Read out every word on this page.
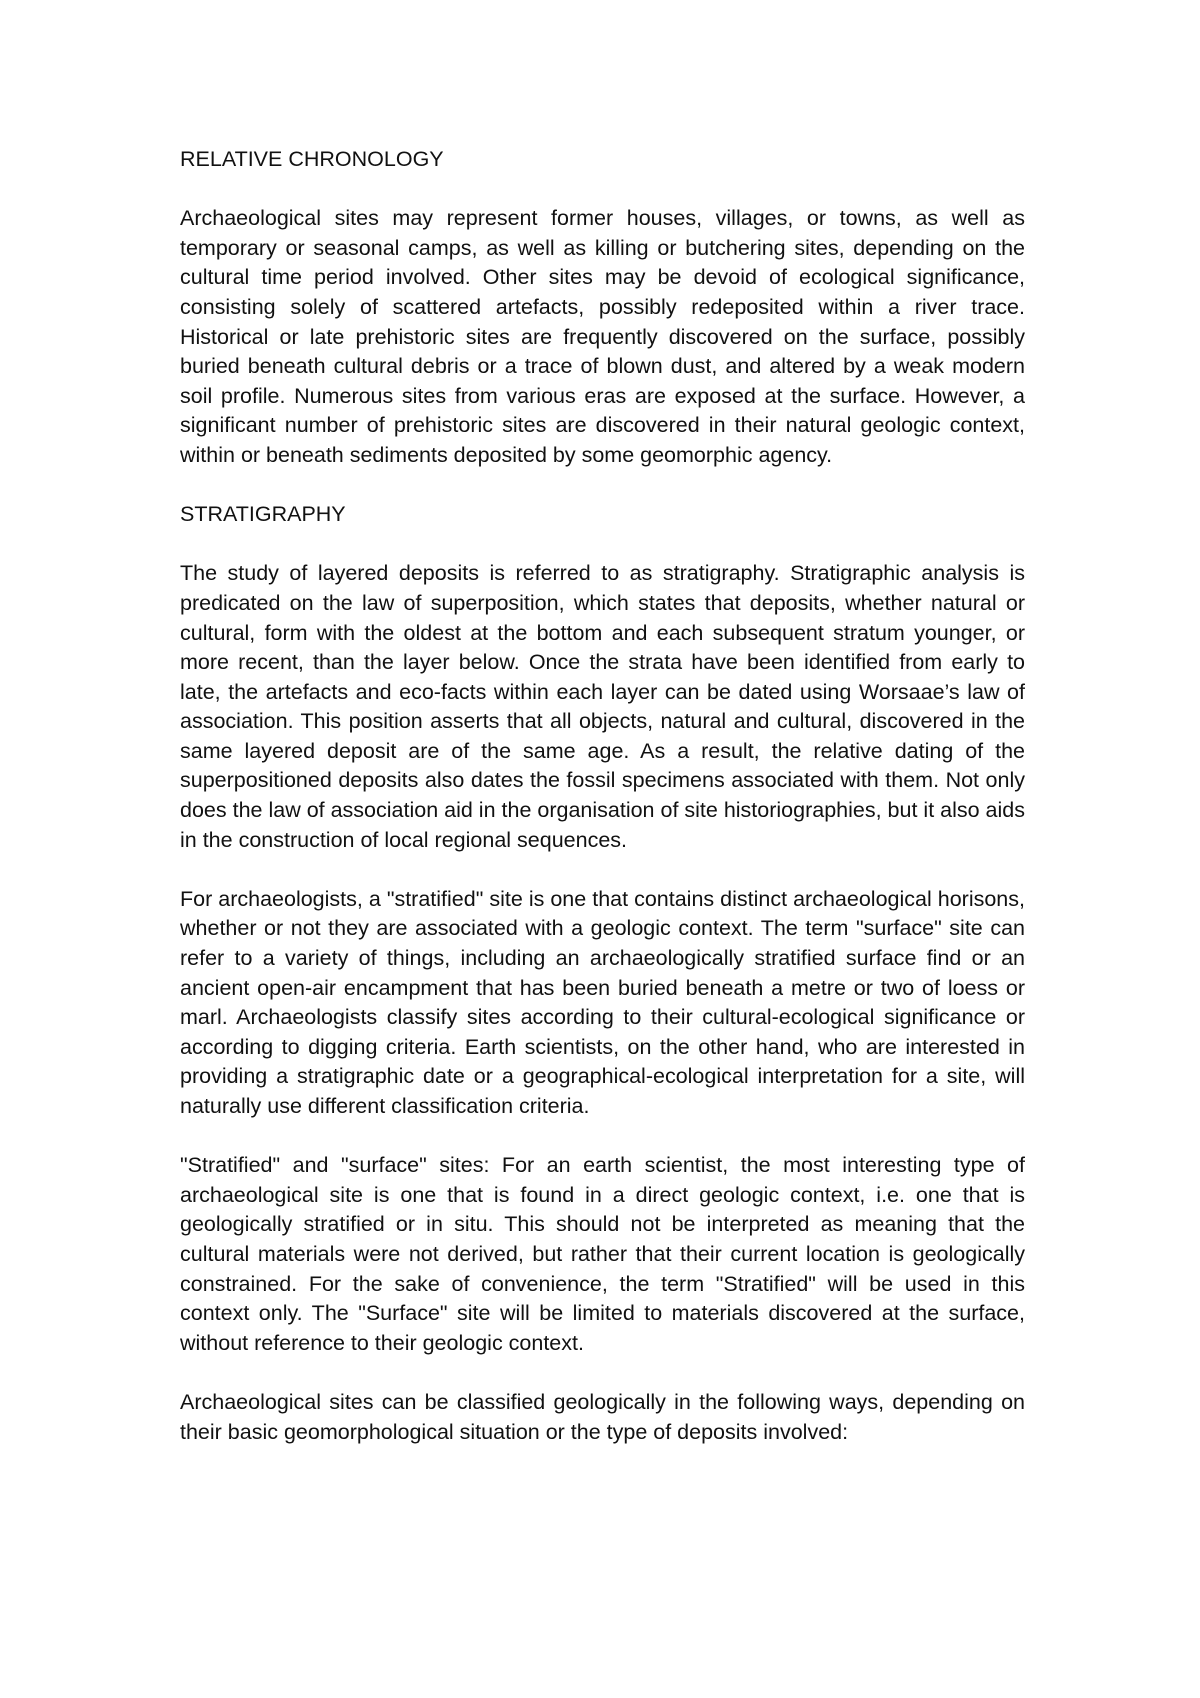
RELATIVE CHRONOLOGY

Archaeological sites may represent former houses, villages, or towns, as well as temporary or seasonal camps, as well as killing or butchering sites, depending on the cultural time period involved. Other sites may be devoid of ecological significance, consisting solely of scattered artefacts, possibly redeposited within a river trace. Historical or late prehistoric sites are frequently discovered on the surface, possibly buried beneath cultural debris or a trace of blown dust, and altered by a weak modern soil profile. Numerous sites from various eras are exposed at the surface. However, a significant number of prehistoric sites are discovered in their natural geologic context, within or beneath sediments deposited by some geomorphic agency.

STRATIGRAPHY

The study of layered deposits is referred to as stratigraphy. Stratigraphic analysis is predicated on the law of superposition, which states that deposits, whether natural or cultural, form with the oldest at the bottom and each subsequent stratum younger, or more recent, than the layer below. Once the strata have been identified from early to late, the artefacts and eco-facts within each layer can be dated using Worsaae’s law of association. This position asserts that all objects, natural and cultural, discovered in the same layered deposit are of the same age. As a result, the relative dating of the superpositioned deposits also dates the fossil specimens associated with them. Not only does the law of association aid in the organisation of site historiographies, but it also aids in the construction of local regional sequences.

For archaeologists, a "stratified" site is one that contains distinct archaeological horisons, whether or not they are associated with a geologic context. The term "surface" site can refer to a variety of things, including an archaeologically stratified surface find or an ancient open-air encampment that has been buried beneath a metre or two of loess or marl. Archaeologists classify sites according to their cultural-ecological significance or according to digging criteria. Earth scientists, on the other hand, who are interested in providing a stratigraphic date or a geographical-ecological interpretation for a site, will naturally use different classification criteria.

"Stratified" and "surface" sites: For an earth scientist, the most interesting type of archaeological site is one that is found in a direct geologic context, i.e. one that is geologically stratified or in situ. This should not be interpreted as meaning that the cultural materials were not derived, but rather that their current location is geologically constrained. For the sake of convenience, the term "Stratified" will be used in this context only. The "Surface" site will be limited to materials discovered at the surface, without reference to their geologic context.

Archaeological sites can be classified geologically in the following ways, depending on their basic geomorphological situation or the type of deposits involved:
